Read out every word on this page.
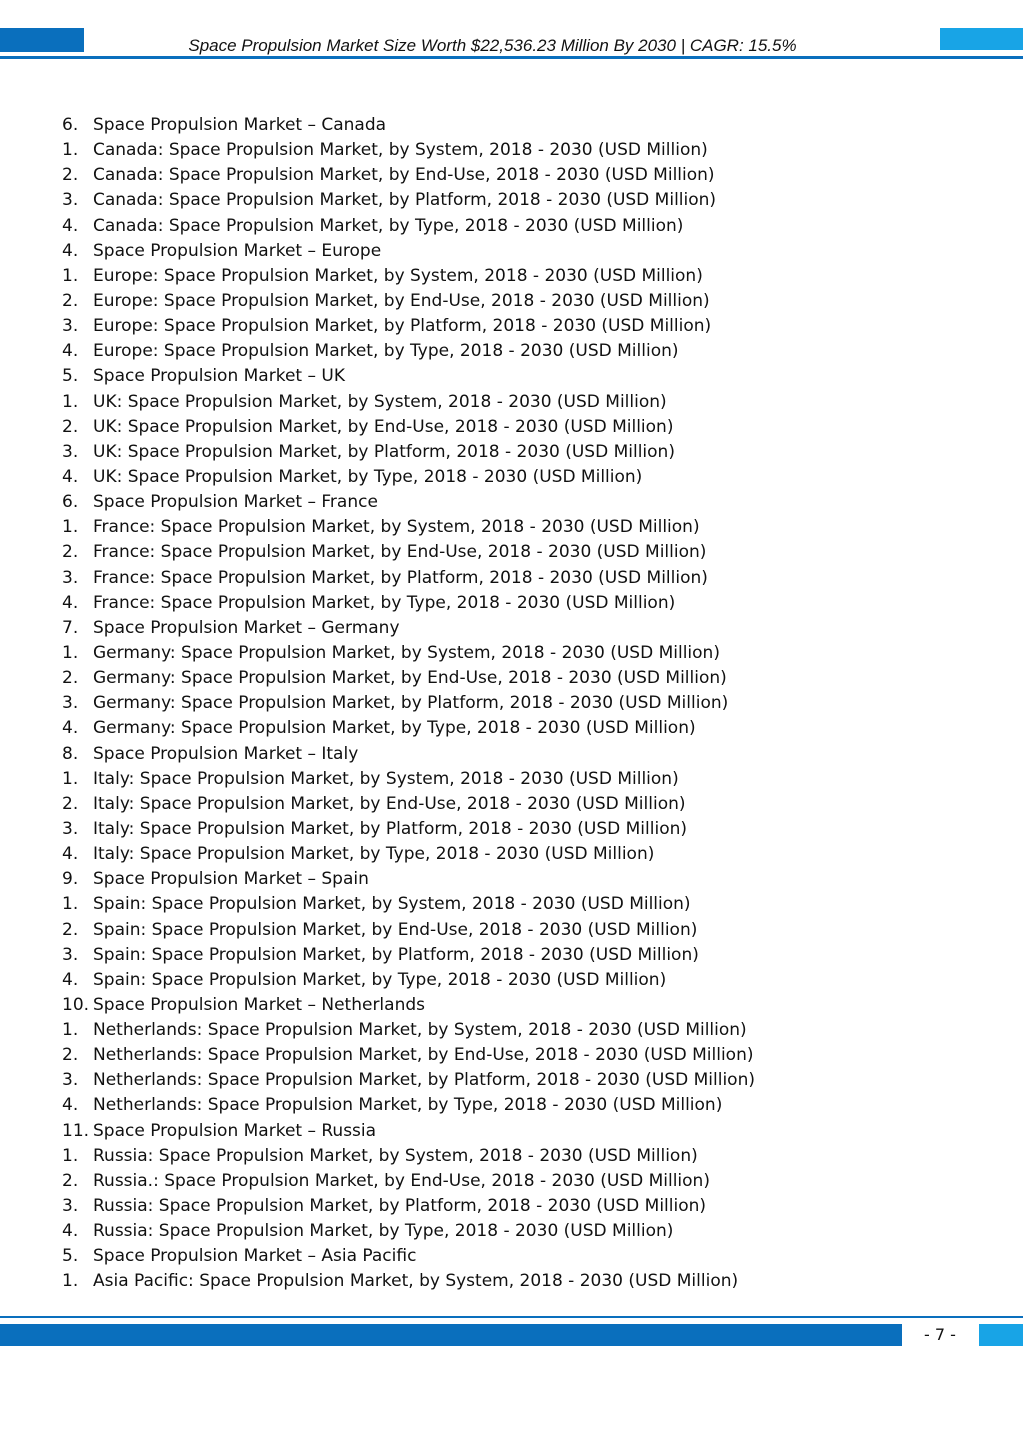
Space Propulsion Market Size Worth $22,536.23 Million By 2030 | CAGR: 15.5%
6. Space Propulsion Market – Canada
1. Canada: Space Propulsion Market, by System, 2018 - 2030 (USD Million)
2. Canada: Space Propulsion Market, by End-Use, 2018 - 2030 (USD Million)
3. Canada: Space Propulsion Market, by Platform, 2018 - 2030 (USD Million)
4. Canada: Space Propulsion Market, by Type, 2018 - 2030 (USD Million)
4. Space Propulsion Market – Europe
1. Europe: Space Propulsion Market, by System, 2018 - 2030 (USD Million)
2. Europe: Space Propulsion Market, by End-Use, 2018 - 2030 (USD Million)
3. Europe: Space Propulsion Market, by Platform, 2018 - 2030 (USD Million)
4. Europe: Space Propulsion Market, by Type, 2018 - 2030 (USD Million)
5. Space Propulsion Market – UK
1. UK: Space Propulsion Market, by System, 2018 - 2030 (USD Million)
2. UK: Space Propulsion Market, by End-Use, 2018 - 2030 (USD Million)
3. UK: Space Propulsion Market, by Platform, 2018 - 2030 (USD Million)
4. UK: Space Propulsion Market, by Type, 2018 - 2030 (USD Million)
6. Space Propulsion Market – France
1. France: Space Propulsion Market, by System, 2018 - 2030 (USD Million)
2. France: Space Propulsion Market, by End-Use, 2018 - 2030 (USD Million)
3. France: Space Propulsion Market, by Platform, 2018 - 2030 (USD Million)
4. France: Space Propulsion Market, by Type, 2018 - 2030 (USD Million)
7. Space Propulsion Market – Germany
1. Germany: Space Propulsion Market, by System, 2018 - 2030 (USD Million)
2. Germany: Space Propulsion Market, by End-Use, 2018 - 2030 (USD Million)
3. Germany: Space Propulsion Market, by Platform, 2018 - 2030 (USD Million)
4. Germany: Space Propulsion Market, by Type, 2018 - 2030 (USD Million)
8. Space Propulsion Market – Italy
1. Italy: Space Propulsion Market, by System, 2018 - 2030 (USD Million)
2. Italy: Space Propulsion Market, by End-Use, 2018 - 2030 (USD Million)
3. Italy: Space Propulsion Market, by Platform, 2018 - 2030 (USD Million)
4. Italy: Space Propulsion Market, by Type, 2018 - 2030 (USD Million)
9. Space Propulsion Market – Spain
1. Spain: Space Propulsion Market, by System, 2018 - 2030 (USD Million)
2. Spain: Space Propulsion Market, by End-Use, 2018 - 2030 (USD Million)
3. Spain: Space Propulsion Market, by Platform, 2018 - 2030 (USD Million)
4. Spain: Space Propulsion Market, by Type, 2018 - 2030 (USD Million)
10. Space Propulsion Market – Netherlands
1. Netherlands: Space Propulsion Market, by System, 2018 - 2030 (USD Million)
2. Netherlands: Space Propulsion Market, by End-Use, 2018 - 2030 (USD Million)
3. Netherlands: Space Propulsion Market, by Platform, 2018 - 2030 (USD Million)
4. Netherlands: Space Propulsion Market, by Type, 2018 - 2030 (USD Million)
11. Space Propulsion Market – Russia
1. Russia: Space Propulsion Market, by System, 2018 - 2030 (USD Million)
2. Russia.: Space Propulsion Market, by End-Use, 2018 - 2030 (USD Million)
3. Russia: Space Propulsion Market, by Platform, 2018 - 2030 (USD Million)
4. Russia: Space Propulsion Market, by Type, 2018 - 2030 (USD Million)
5. Space Propulsion Market – Asia Pacific
1. Asia Pacific: Space Propulsion Market, by System, 2018 - 2030 (USD Million)
- 7 -
